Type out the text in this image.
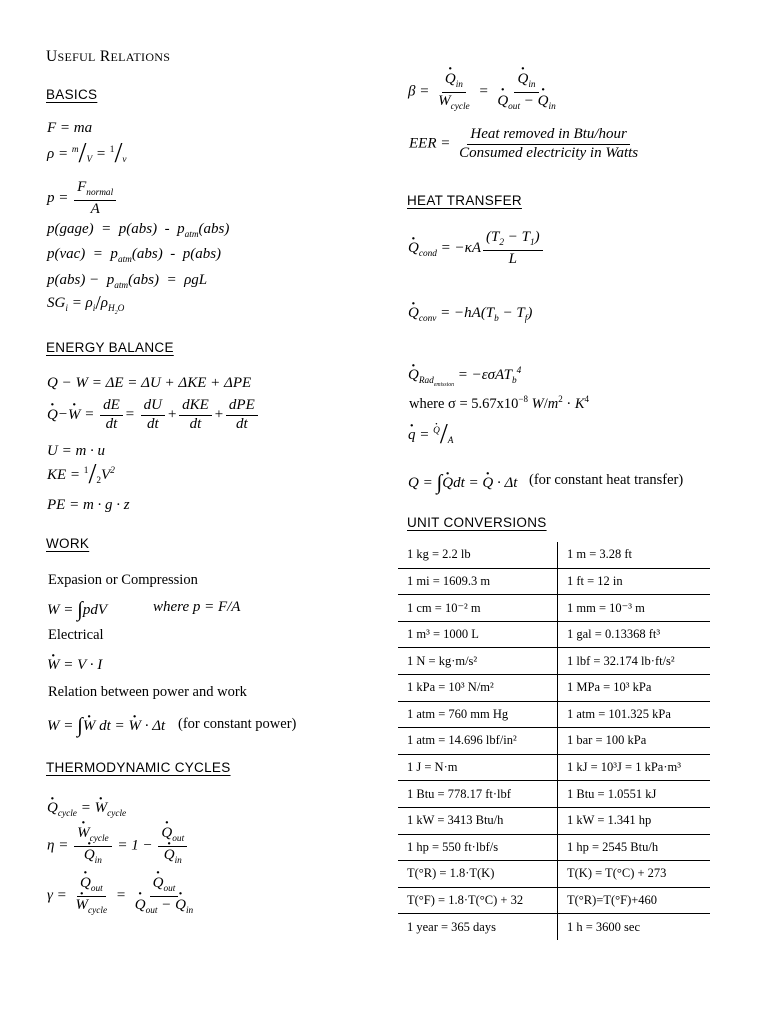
USEFUL RELATIONS
BASICS
F = ma
$\rho = ^m/_V = ^1/_v$
$p = \frac{F_{normal}}{A}$
p(gage)  =  $p(abs) - p_{atm}(abs)$
$p(vac) = p_{atm}(abs) - p(abs)$
$p(abs) - p_{atm}(abs) = \rho gL$
$SG_i = \rho_i/\rho_{H_2O}$
ENERGY BALANCE
Q − W = ΔE = ΔU + ΔKE + ΔPE
· $Q-\cdot W = \frac{dE}{dt} = \frac{dU}{dt} + \frac{\text{dKE}}{dt} + \frac{\text{dPE}}{dt}$
U = m · u
KE = $^1/_2V^2$
PE = m · g · z
WORK
Expasion or Compression
W = ∫pdV	where p = F/A
Electrical
· W = V · I
Relation between power and work
W = ∫· W dt = · W · Δt (for constant power)
THERMODYNAMIC CYCLES
· $Q_{cycle}$ = · $W_{cycle}$
η = · $W_{cycle}$
· $Q_{in} = 1$ − · $Q_{out}$
· $Q_{in}$
γ = · $Q_{out}$
· $W_{cycle}$ = · $Q_{out}$
· $Q_{out}$ − · $Q_{in}$
β = · $\frac{Q_{in}}{W_{cycle}}$ = · $Q_{in}$
· $Q_{out}$ − · $Q_{in}$
EER = $\frac{\text{Heat removed in Btu/hour}}{\text{Consumed electricity in Watts}}$
HEAT TRANSFER
· $Q_{cond} = -\kappa A \frac{(T_2 - T_1)}{L}$
· $Q_{conv} = -hA(T_b - T_f)$
· $Q_{Rad_{emission}} = -\varepsilon\sigma AT_b^4$
where $\sigma = 5.67x10^{-8}$ $W/m^2 \cdot K^4$
· q = · $^Q/_A$
Q = ∫· Qdt = · Q · Δt (for constant heat transfer)
UNIT CONVERSIONS
1 kg = 2.2 lb	1 m = 3.28 ft
1 mi = 1609.3 m	1 ft = 12 in
1 cm = 10⁻² m	1 mm = 10⁻³ m
1 m³ = 1000 L	1 gal = 0.13368 ft³
1 N = kg·m/s²	1 lbf = 32.174 lb·ft/s²
1 kPa = 10³ N/m²	1 MPa = 10³ kPa
1 atm = 760 mm Hg	1 atm = 101.325 kPa
1 atm = 14.696 lbf/in²	1 bar = 100 kPa
1 J = N·m	1 kJ = 10³J = 1 kPa·m³
1 Btu = 778.17 ft·lbf	1 Btu = 1.0551 kJ
1 kW = 3413 Btu/h	1 kW = 1.341 hp
1 hp = 550 ft·lbf/s	1 hp = 2545 Btu/h
T(°R) = 1.8·T(K)	T(K) = T(°C) + 273
T(°F) = 1.8·T(°C) + 32	T(°R)=T(°F)+460
1 year = 365 days	1 h = 3600 sec
